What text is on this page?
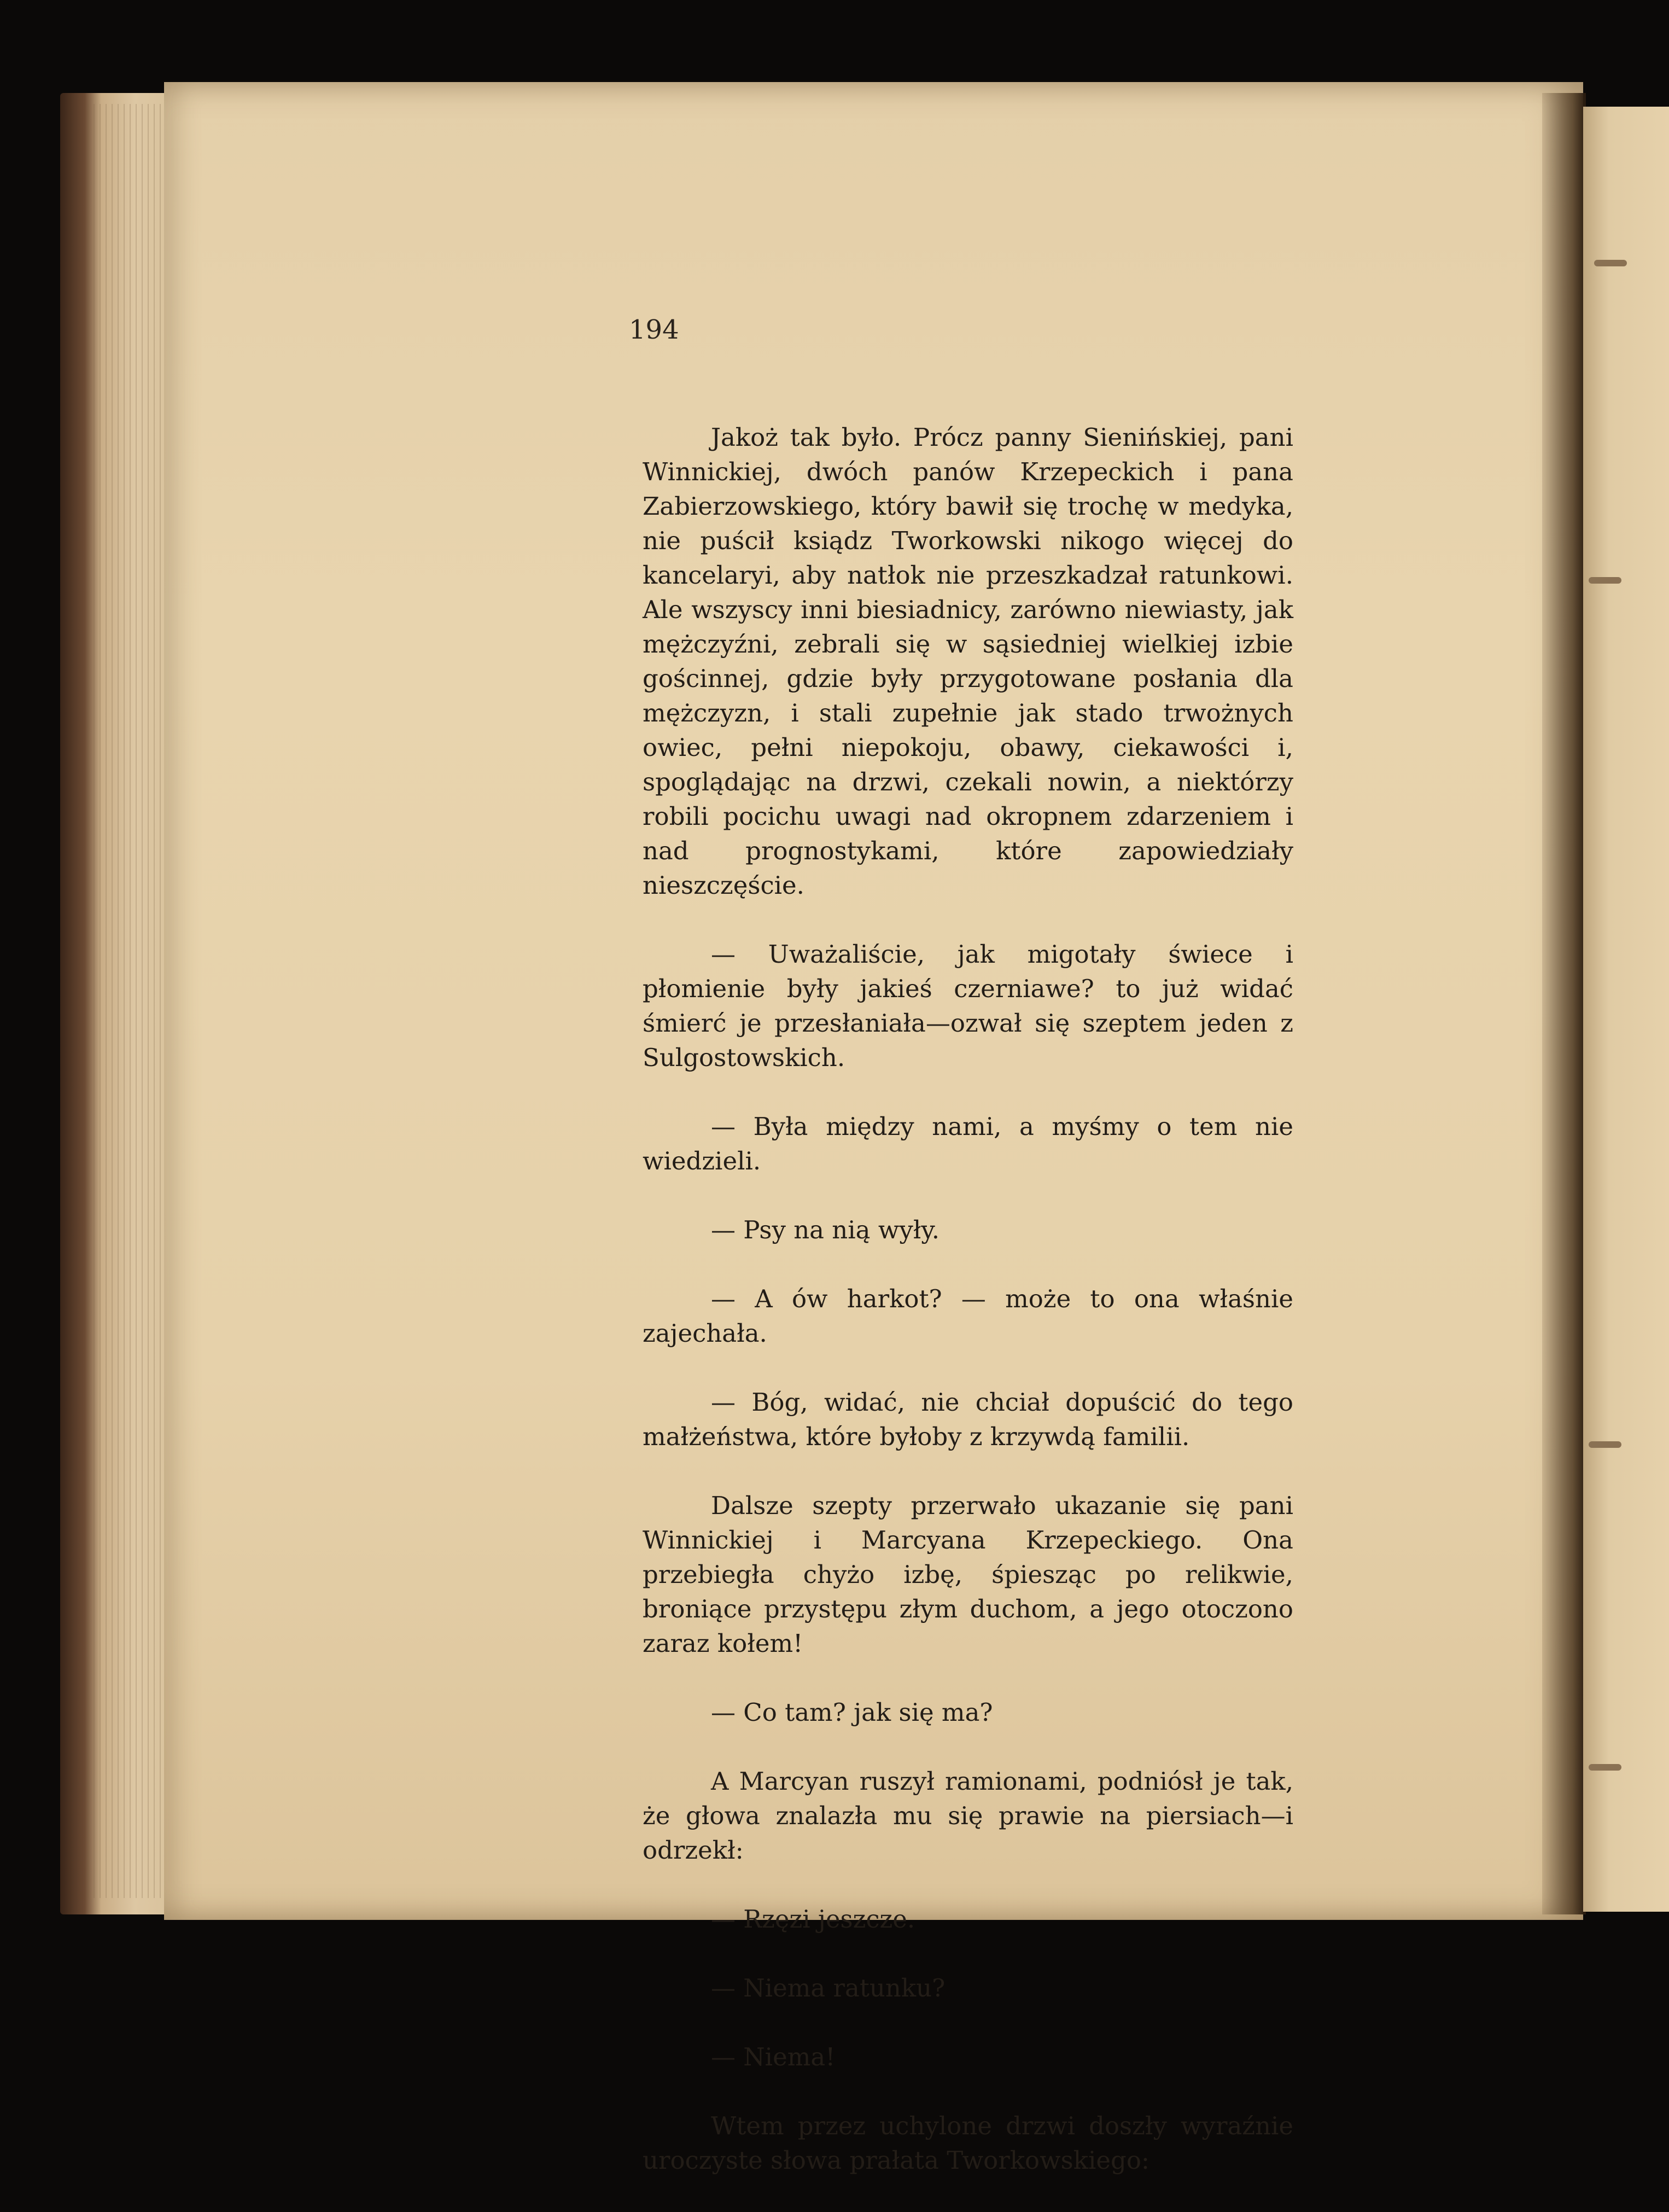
194

Jakoż tak było. Prócz panny Sienińskiej, pani Winnickiej, dwóch panów Krzepeckich i pana Zabierzowskiego, który bawił się trochę w medyka, nie puścił ksiądz Tworkowski nikogo więcej do kancelaryi, aby natłok nie przeszkadzał ratunkowi. Ale wszyscy inni biesiadnicy, zarówno niewiasty, jak mężczyźni, zebrali się w sąsiedniej wielkiej izbie gościnnej, gdzie były przygotowane posłania dla mężczyzn, i stali zupełnie jak stado trwożnych owiec, pełni niepokoju, obawy, ciekawości i, spoglądając na drzwi, czekali nowin, a niektórzy robili pocichu uwagi nad okropnem zdarzeniem i nad prognostykami, które zapowiedziały nieszczęście.

— Uważaliście, jak migotały świece i płomienie były jakieś czerniawe? to już widać śmierć je przesłaniała—ozwał się szeptem jeden z Sulgostowskich.

— Była między nami, a myśmy o tem nie wiedzieli.

— Psy na nią wyły.

— A ów harkot? — może to ona właśnie zajechała.

— Bóg, widać, nie chciał dopuścić do tego małżeństwa, które byłoby z krzywdą familii.

Dalsze szepty przerwało ukazanie się pani Winnickiej i Marcyana Krzepeckiego. Ona przebiegła chyżo izbę, śpiesząc po relikwie, broniące przystępu złym duchom, a jego otoczono zaraz kołem!

— Co tam? jak się ma?

A Marcyan ruszył ramionami, podniósł je tak, że głowa znalazła mu się prawie na piersiach—i odrzekł:

— Rzęzi jeszcze.

— Niema ratunku?

— Niema!

Wtem przez uchylone drzwi doszły wyraźnie uroczyste słowa prałata Tworkowskiego:
